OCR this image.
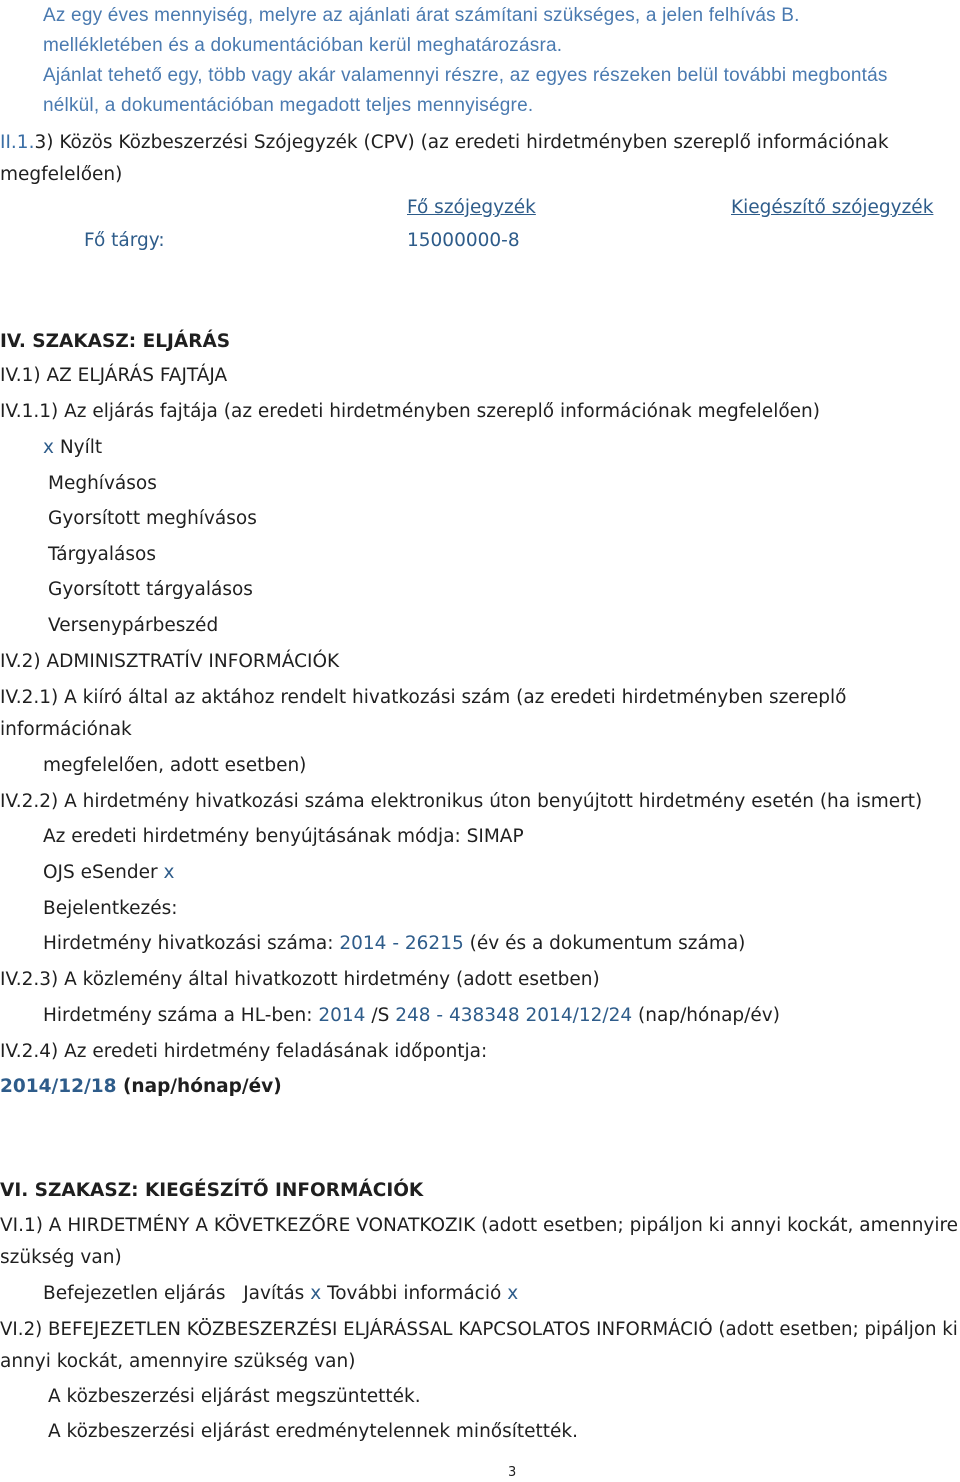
Az egy éves mennyiség, melyre az ajánlati árat számítani szükséges, a jelen felhívás B.
mellékletében és a dokumentációban kerül meghatározásra.
Ajánlat tehető egy, több vagy akár valamennyi részre, az egyes részeken belül további megbontás
nélkül, a dokumentációban megadott teljes mennyiségre.
II.1.3) Közös Közbeszerzési Szójegyzék (CPV) (az eredeti hirdetményben szereplő információnak
megfelelően)
Fő szójegyzék	Kiegészítő szójegyzék
Fő tárgy:	15000000-8
IV. SZAKASZ: ELJÁRÁS
IV.1) AZ ELJÁRÁS FAJTÁJA
IV.1.1) Az eljárás fajtája (az eredeti hirdetményben szereplő információnak megfelelően)
x Nyílt
Meghívásos
Gyorsított meghívásos
Tárgyalásos
Gyorsított tárgyalásos
Versenypárbeszéd
IV.2) ADMINISZTRATÍV INFORMÁCIÓK
IV.2.1) A kiíró által az aktához rendelt hivatkozási szám (az eredeti hirdetményben szereplő
információnak
megfelelően, adott esetben)
IV.2.2) A hirdetmény hivatkozási száma elektronikus úton benyújtott hirdetmény esetén (ha ismert)
Az eredeti hirdetmény benyújtásának módja: SIMAP
OJS eSender x
Bejelentkezés:
Hirdetmény hivatkozási száma: 2014 - 26215 (év és a dokumentum száma)
IV.2.3) A közlemény által hivatkozott hirdetmény (adott esetben)
Hirdetmény száma a HL-ben: 2014 /S 248 - 438348 2014/12/24 (nap/hónap/év)
IV.2.4) Az eredeti hirdetmény feladásának időpontja:
2014/12/18 (nap/hónap/év)
VI. SZAKASZ: KIEGÉSZÍTŐ INFORMÁCIÓK
VI.1) A HIRDETMÉNY A KÖVETKEZŐRE VONATKOZIK (adott esetben; pipáljon ki annyi kockát, amennyire
szükség van)
Befejezetlen eljárás Javítás x További információ x
VI.2) BEFEJEZETLEN KÖZBESZERZÉSI ELJÁRÁSSAL KAPCSOLATOS INFORMÁCIÓ (adott esetben; pipáljon ki
annyi kockát, amennyire szükség van)
A közbeszerzési eljárást megszüntették.
A közbeszerzési eljárást eredménytelennek minősítették.
3
